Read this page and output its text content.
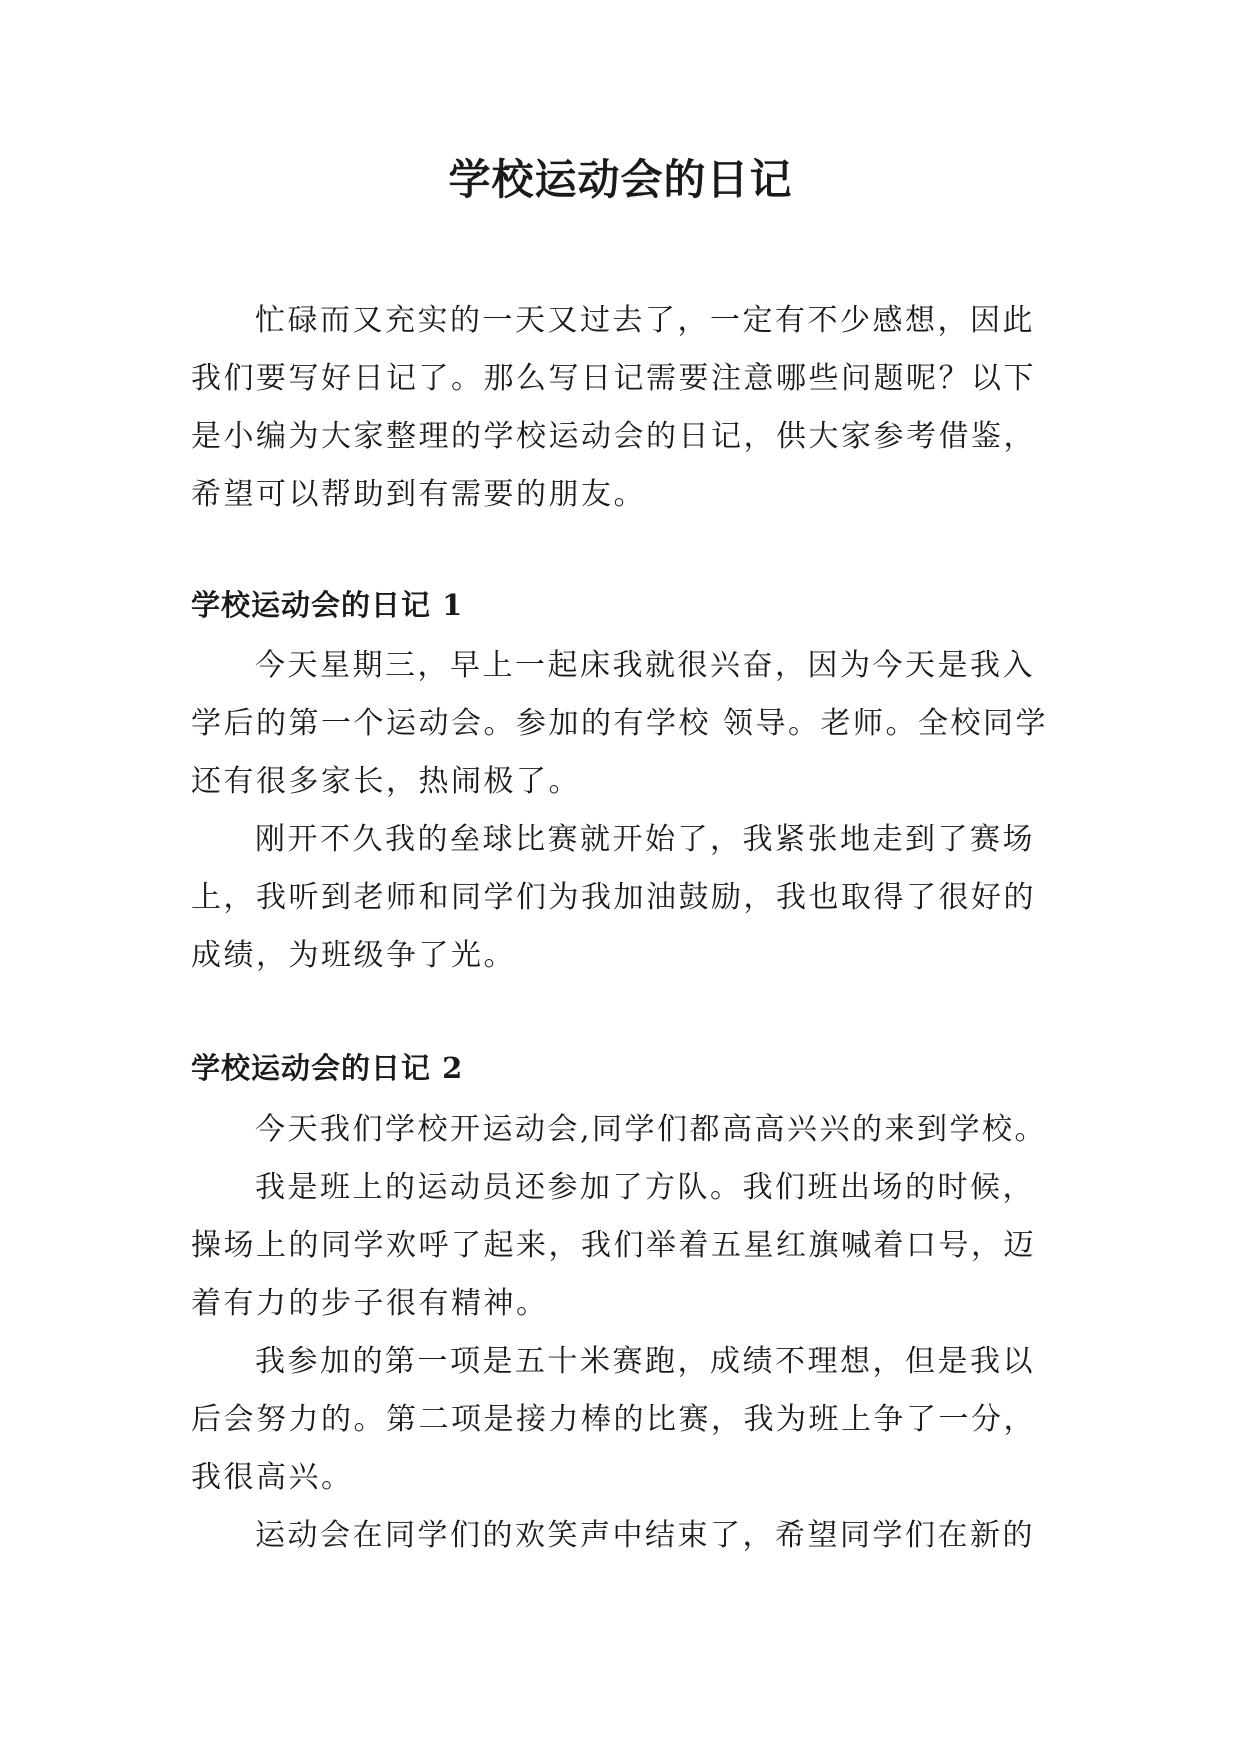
学校运动会的日记

忙碌而又充实的一天又过去了，一定有不少感想，因此我们要写好日记了。那么写日记需要注意哪些问题呢？以下是小编为大家整理的学校运动会的日记，供大家参考借鉴，希望可以帮助到有需要的朋友。

学校运动会的日记 1

今天星期三，早上一起床我就很兴奋，因为今天是我入学后的第一个运动会。参加的有学校 领导。老师。全校同学还有很多家长，热闹极了。

刚开不久我的垒球比赛就开始了，我紧张地走到了赛场上，我听到老师和同学们为我加油鼓励，我也取得了很好的成绩，为班级争了光。

学校运动会的日记 2

今天我们学校开运动会,同学们都高高兴兴的来到学校。

我是班上的运动员还参加了方队。我们班出场的时候，操场上的同学欢呼了起来，我们举着五星红旗喊着口号，迈着有力的步子很有精神。

我参加的第一项是五十米赛跑，成绩不理想，但是我以后会努力的。第二项是接力棒的比赛，我为班上争了一分，我很高兴。

运动会在同学们的欢笑声中结束了，希望同学们在新的
